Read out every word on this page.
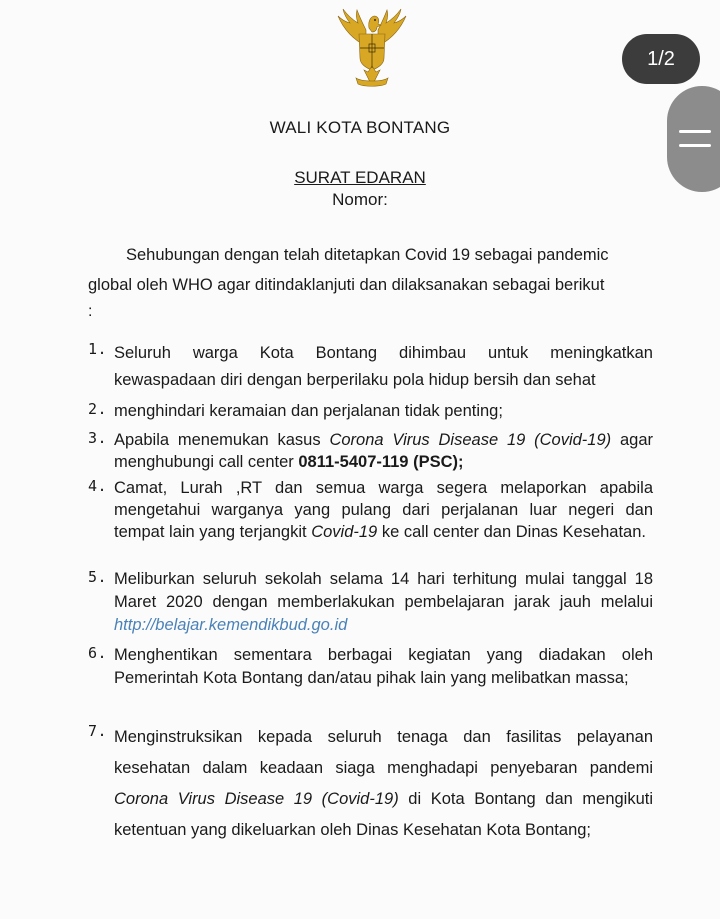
WALI KOTA BONTANG
SURAT EDARAN
Nomor:
Sehubungan dengan telah ditetapkan Covid 19 sebagai pandemic
global oleh WHO agar ditindaklanjuti dan dilaksanakan sebagai berikut
:
1. Seluruh warga Kota Bontang dihimbau untuk meningkatkan kewaspadaan diri dengan berperilaku pola hidup bersih dan sehat
2. menghindari keramaian dan perjalanan tidak penting;
3. Apabila menemukan kasus Corona Virus Disease 19 (Covid-19) agar menghubungi call center 0811-5407-119 (PSC);
4. Camat, Lurah ,RT dan semua warga segera melaporkan apabila mengetahui warganya yang pulang dari perjalanan luar negeri dan tempat lain yang terjangkit Covid-19 ke call center dan Dinas Kesehatan.
5. Meliburkan seluruh sekolah selama 14 hari terhitung mulai tanggal 18 Maret 2020 dengan memberlakukan pembelajaran jarak jauh melalui http://belajar.kemendikbud.go.id
6. Menghentikan sementara berbagai kegiatan yang diadakan oleh Pemerintah Kota Bontang dan/atau pihak lain yang melibatkan massa;
7. Menginstruksikan kepada seluruh tenaga dan fasilitas pelayanan kesehatan dalam keadaan siaga menghadapi penyebaran pandemi Corona Virus Disease 19 (Covid-19) di Kota Bontang dan mengikuti ketentuan yang dikeluarkan oleh Dinas Kesehatan Kota Bontang;
1/2
